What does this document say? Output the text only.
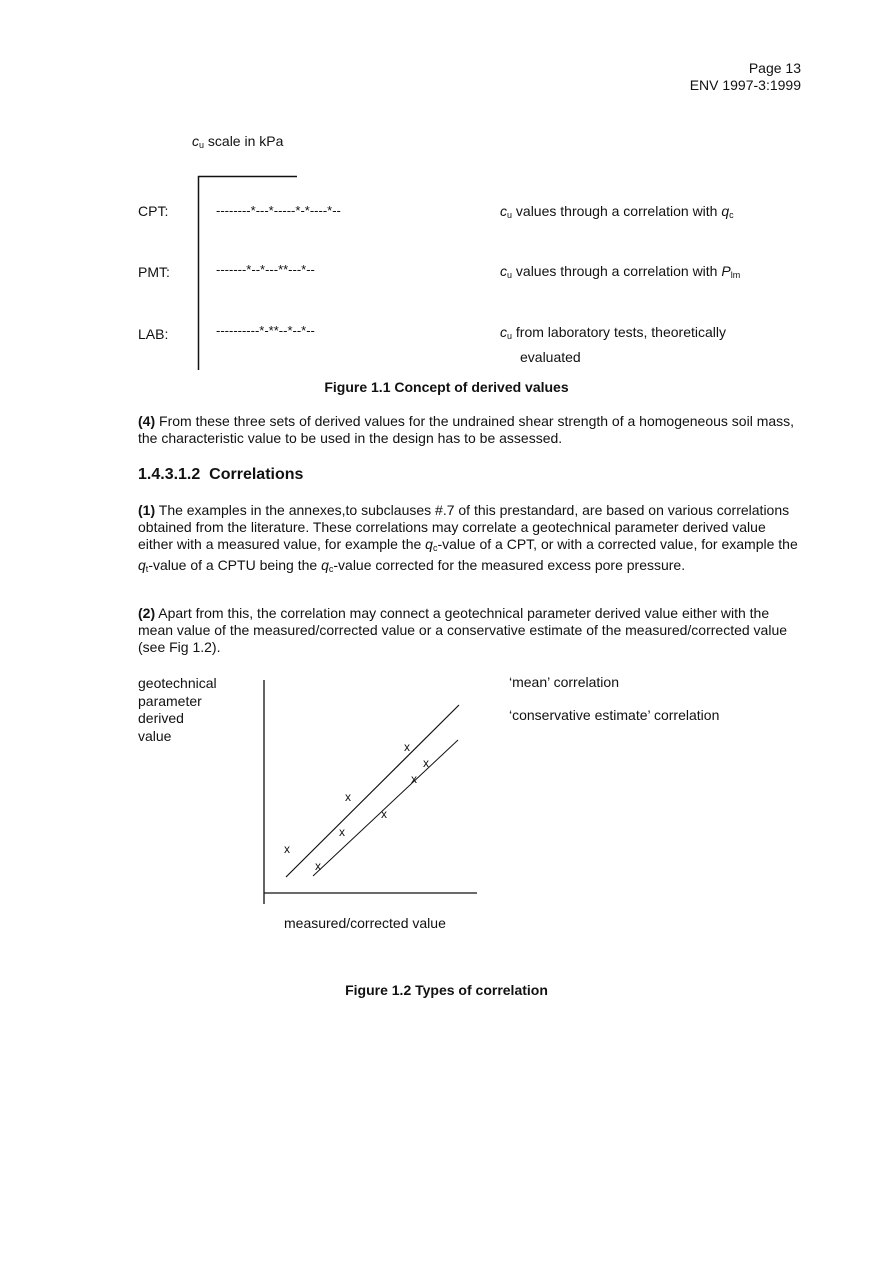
Page 13
ENV 1997-3:1999
$c_u$ scale in kPa
CPT:	--------*---*-----*-*----*--	$c_u$ values through a correlation with $q_c$
PMT:	-------*--*---**---*--	$c_u$ values through a correlation with $P_{lm}$
LAB:	----------*-**--*--*--	$c_u$ from laboratory tests, theoretically
evaluated
Figure 1.1 Concept of derived values
(4) From these three sets of derived values for the undrained shear strength of a homogeneous soil mass, the characteristic value to be used in the design has to be assessed.
1.4.3.1.2 Correlations
(1) The examples in the annexes,to subclauses #.7 of this prestandard, are based on various correlations obtained from the literature. These correlations may correlate a geotechnical parameter derived value either with a measured value, for example the $q_c$-value of a CPT, or with a corrected value, for example the $q_t$-value of a CPTU being the $q_c$-value corrected for the measured excess pore pressure.
(2) Apart from this, the correlation may connect a geotechnical parameter derived value either with the mean value of the measured/corrected value or a conservative estimate of the measured/corrected value (see Fig 1.2).
geotechnical
parameter
derived
value
x
x
x
x
x
x
x
x
‘mean’ correlation
‘conservative estimate’ correlation
measured/corrected value
Figure 1.2 Types of correlation
